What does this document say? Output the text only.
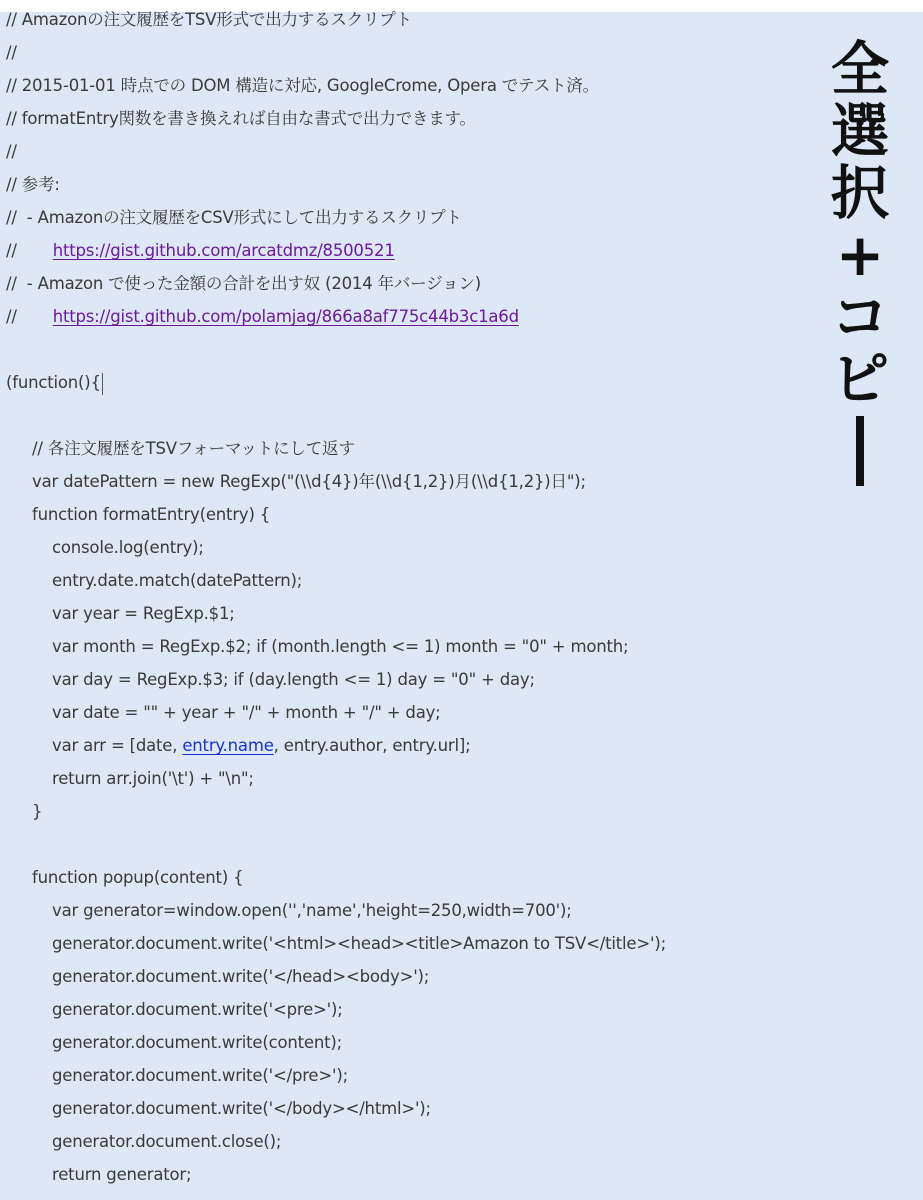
// Amazonの注文履歴をTSV形式で出力するスクリプト
//
// 2015-01-01 時点での DOM 構造に対応, GoogleCrome, Opera でテスト済。
// formatEntry関数を書き換えれば自由な書式で出力できます。
//
// 参考:
//  - Amazonの注文履歴をCSV形式にして出力するスクリプト
// https://gist.github.com/arcatdmz/8500521
//  - Amazon で使った金額の合計を出す奴 (2014 年バージョン)
// https://gist.github.com/polamjag/866a8af775c44b3c1a6d
(function(){
// 各注文履歴をTSVフォーマットにして返す
var datePattern = new RegExp("(\\d{4})年(\\d{1,2})月(\\d{1,2})日");
function formatEntry(entry) {
console.log(entry);
entry.date.match(datePattern);
var year = RegExp.$1;
var month = RegExp.$2; if (month.length <= 1) month = "0" + month;
var day = RegExp.$3; if (day.length <= 1) day = "0" + day;
var date = "" + year + "/" + month + "/" + day;
var arr = [date, entry.name, entry.author, entry.url];
return arr.join('\t') + "\n";
}
function popup(content) {
var generator=window.open('','name','height=250,width=700');
generator.document.write('<html><head><title>Amazon to TSV</title>');
generator.document.write('</head><body>');
generator.document.write('<pre>');
generator.document.write(content);
generator.document.write('</pre>');
generator.document.write('</body></html>');
generator.document.close();
return generator;
全
選
択
+
コ
ピ
